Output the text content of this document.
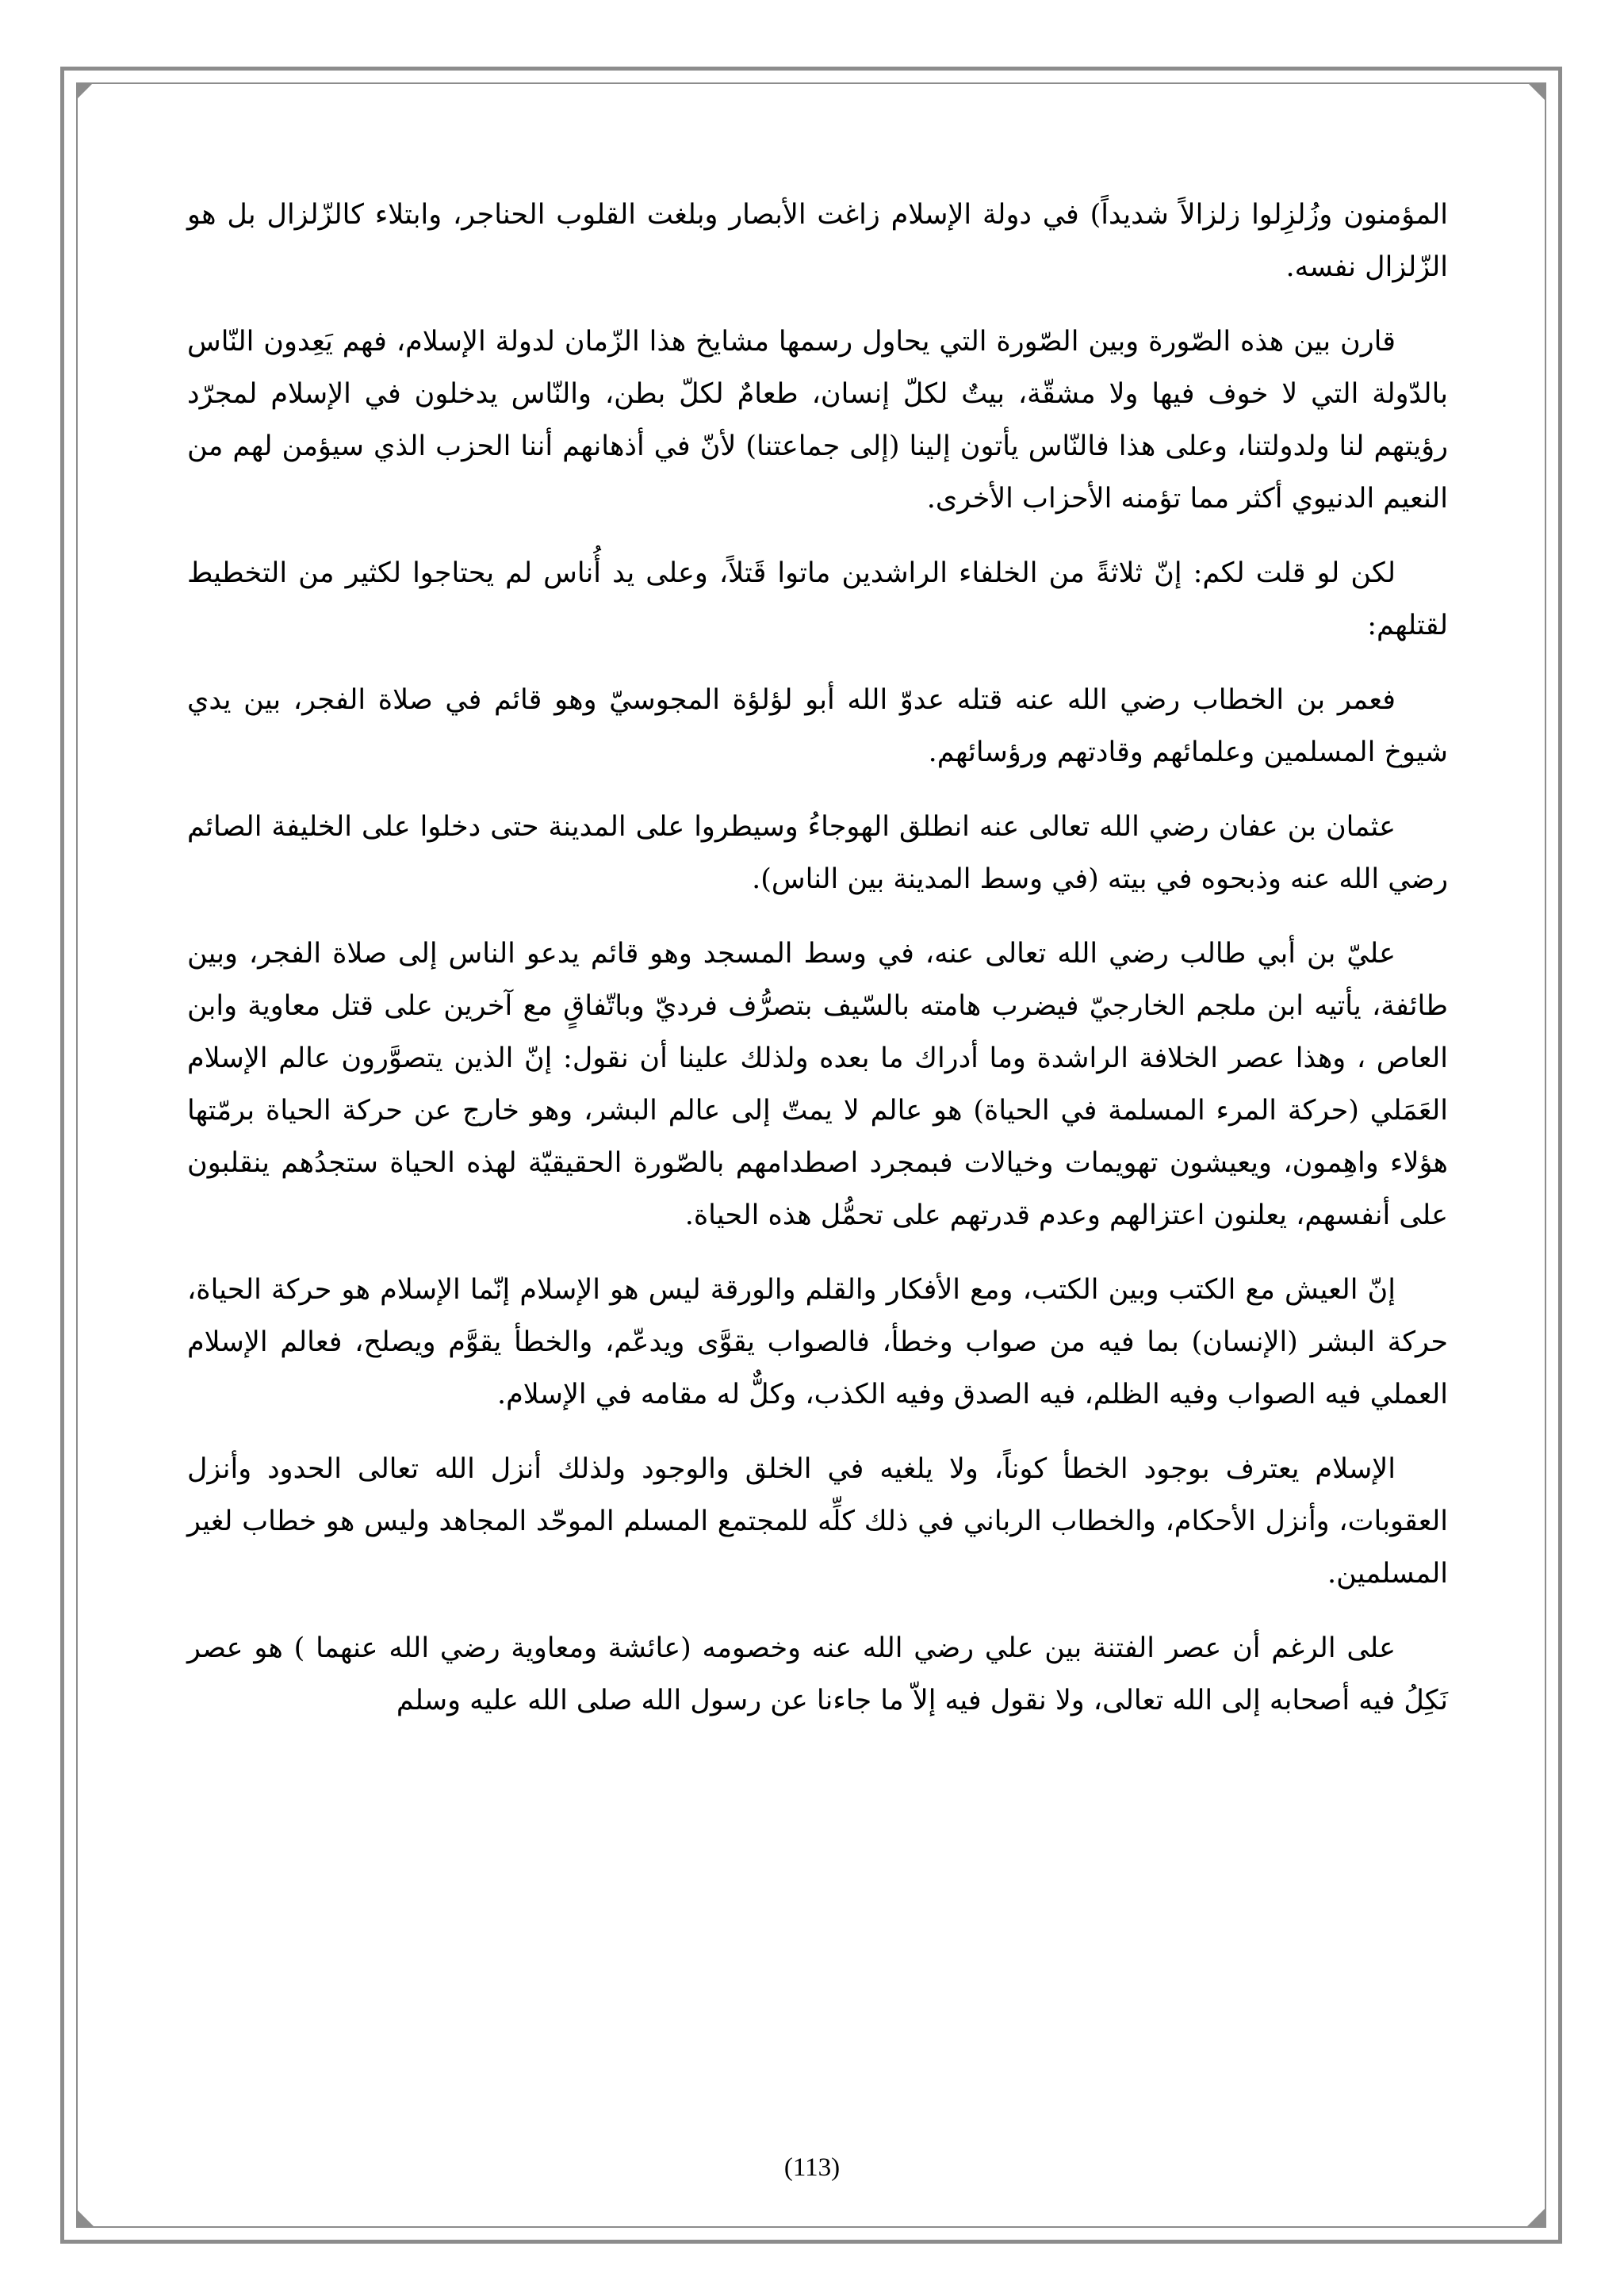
المؤمنون وزُلزِلوا زلزالاً شديداً) في دولة الإسلام زاغت الأبصار وبلغت القلوب الحناجر، وابتلاء كالزّلزال بل هو الزّلزال نفسه.

قارن بين هذه الصّورة وبين الصّورة التي يحاول رسمها مشايخ هذا الزّمان لدولة الإسلام، فهم يَعِدون النّاس بالدّولة التي لا خوف فيها ولا مشقّة، بيتٌ لكلّ إنسان، طعامٌ لكلّ بطن، والنّاس يدخلون في الإسلام لمجرّد رؤيتهم لنا ولدولتنا، وعلى هذا فالنّاس يأتون إلينا (إلى جماعتنا) لأنّ في أذهانهم أننا الحزب الذي سيؤمن لهم من النعيم الدنيوي أكثر مما تؤمنه الأحزاب الأخرى.

لكن لو قلت لكم: إنّ ثلاثةً من الخلفاء الراشدين ماتوا قَتلاً، وعلى يد أُناس لم يحتاجوا لكثير من التخطيط لقتلهم:

فعمر بن الخطاب رضي الله عنه قتله عدوّ الله أبو لؤلؤة المجوسيّ وهو قائم في صلاة الفجر، بين يدي شيوخ المسلمين وعلمائهم وقادتهم ورؤسائهم.

عثمان بن عفان رضي الله تعالى عنه انطلق الهوجاءُ وسيطروا على المدينة حتى دخلوا على الخليفة الصائم رضي الله عنه وذبحوه في بيته (في وسط المدينة بين الناس).

عليّ بن أبي طالب رضي الله تعالى عنه، في وسط المسجد وهو قائم يدعو الناس إلى صلاة الفجر، وبين طائفة، يأتيه ابن ملجم الخارجيّ فيضرب هامته بالسّيف بتصرُّف فرديّ وباتّفاقٍ مع آخرين على قتل معاوية وابن العاص ، وهذا عصر الخلافة الراشدة وما أدراك ما بعده ولذلك علينا أن نقول: إنّ الذين يتصوَّرون عالم الإسلام العَمَلي (حركة المرء المسلمة في الحياة) هو عالم لا يمتّ إلى عالم البشر، وهو خارج عن حركة الحياة برمّتها هؤلاء واهِمون، ويعيشون تهويمات وخيالات فبمجرد اصطدامهم بالصّورة الحقيقيّة لهذه الحياة ستجدُهم ينقلبون على أنفسهم، يعلنون اعتزالهم وعدم قدرتهم على تحمُّل هذه الحياة.

إنّ العيش مع الكتب وبين الكتب، ومع الأفكار والقلم والورقة ليس هو الإسلام إنّما الإسلام هو حركة الحياة، حركة البشر (الإنسان) بما فيه من صواب وخطأ، فالصواب يقوَّى ويدعّم، والخطأ يقوَّم ويصلح، فعالم الإسلام العملي فيه الصواب وفيه الظلم، فيه الصدق وفيه الكذب، وكلٌّ له مقامه في الإسلام.

الإسلام يعترف بوجود الخطأ كوناً، ولا يلغيه في الخلق والوجود ولذلك أنزل الله تعالى الحدود وأنزل العقوبات، وأنزل الأحكام، والخطاب الرباني في ذلك كلِّه للمجتمع المسلم الموحّد المجاهد وليس هو خطاب لغير المسلمين.

على الرغم أن عصر الفتنة بين علي رضي الله عنه وخصومه (عائشة ومعاوية رضي الله عنهما ) هو عصر نَكِلُ فيه أصحابه إلى الله تعالى، ولا نقول فيه إلاّ ما جاءنا عن رسول الله صلى الله عليه وسلم

(113)
